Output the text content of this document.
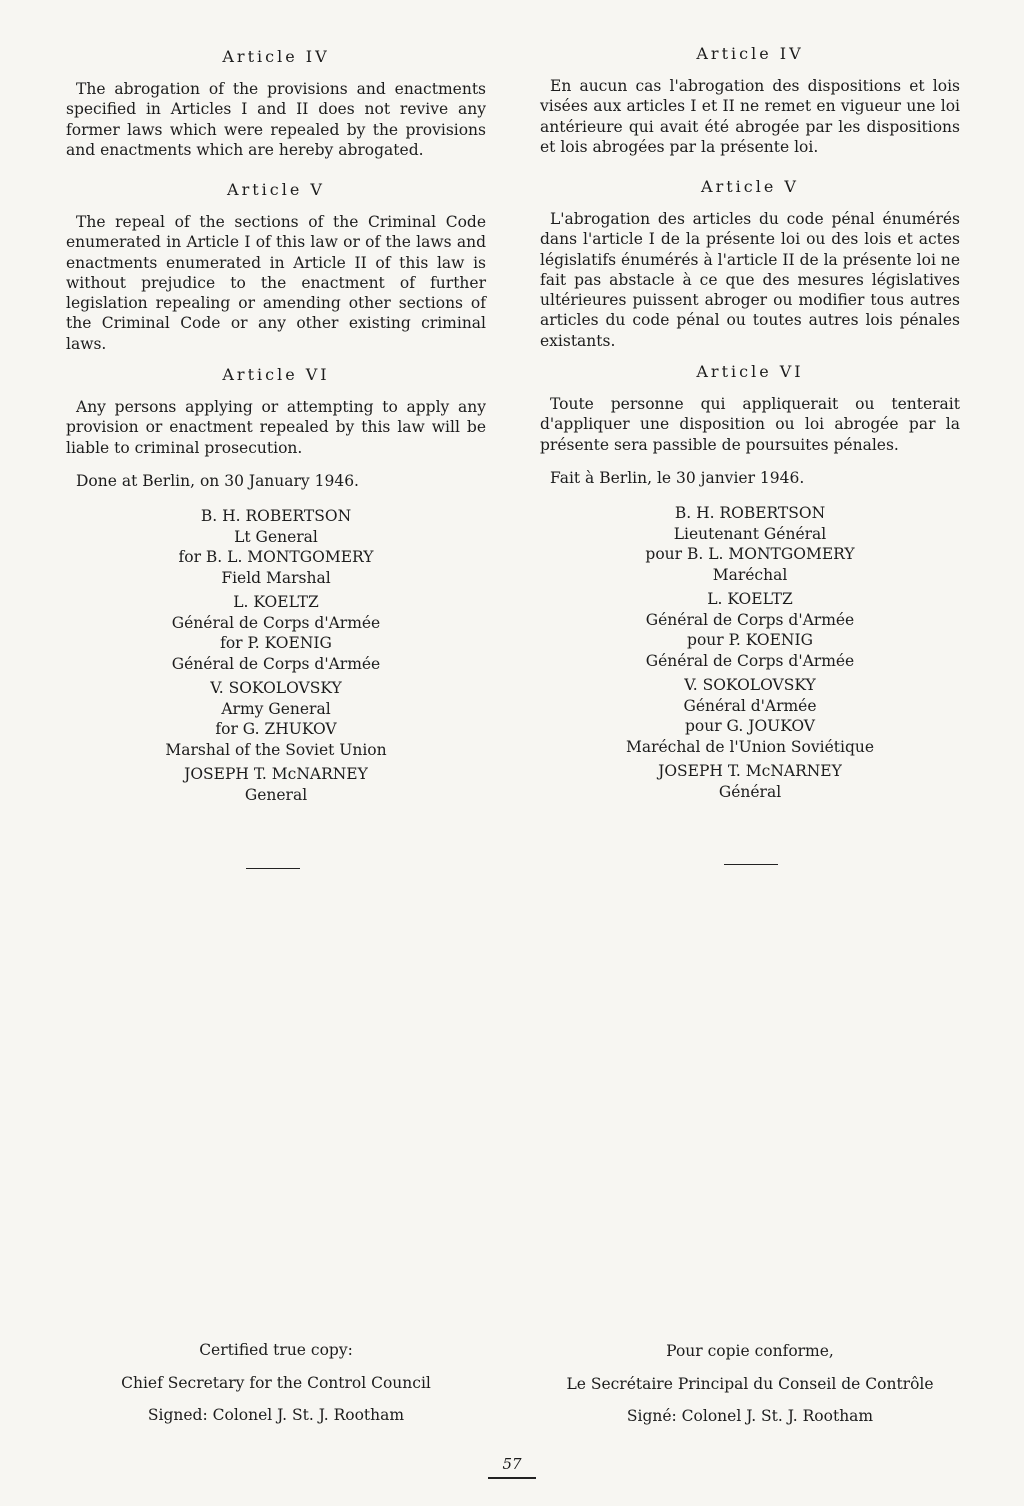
Article IV

The abrogation of the provisions and enactments specified in Articles I and II does not revive any former laws which were repealed by the provisions and enactments which are hereby abrogated.

Article V

The repeal of the sections of the Criminal Code enumerated in Article I of this law or of the laws and enactments enumerated in Article II of this law is without prejudice to the enactment of further legislation repealing or amending other sections of the Criminal Code or any other existing criminal laws.

Article VI

Any persons applying or attempting to apply any provision or enactment repealed by this law will be liable to criminal prosecution.

Done at Berlin, on 30 January 1946.

B. H. ROBERTSON
Lt General
for B. L. MONTGOMERY
Field Marshal
L. KOELTZ
Général de Corps d'Armée
for P. KOENIG
Général de Corps d'Armée
V. SOKOLOVSKY
Army General
for G. ZHUKOV
Marshal of the Soviet Union
JOSEPH T. McNARNEY
General
Article IV

En aucun cas l'abrogation des dispositions et lois visées aux articles I et II ne remet en vigueur une loi antérieure qui avait été abrogée par les dispositions et lois abrogées par la présente loi.

Article V

L'abrogation des articles du code pénal énumérés dans l'article I de la présente loi ou des lois et actes législatifs énumérés à l'article II de la présente loi ne fait pas abstacle à ce que des mesures législatives ultérieures puissent abroger ou modifier tous autres articles du code pénal ou toutes autres lois pénales existants.

Article VI

Toute personne qui appliquerait ou tenterait d'appliquer une disposition ou loi abrogée par la présente sera passible de poursuites pénales.

Fait à Berlin, le 30 janvier 1946.

B. H. ROBERTSON
Lieutenant Général
pour B. L. MONTGOMERY
Maréchal
L. KOELTZ
Général de Corps d'Armée
pour P. KOENIG
Général de Corps d'Armée
V. SOKOLOVSKY
Général d'Armée
pour G. JOUKOV
Maréchal de l'Union Soviétique
JOSEPH T. McNARNEY
Général
Certified true copy:
Chief Secretary for the Control Council
Signed: Colonel J. St. J. Rootham
Pour copie conforme,
Le Secrétaire Principal du Conseil de Contrôle
Signé: Colonel J. St. J. Rootham
57
